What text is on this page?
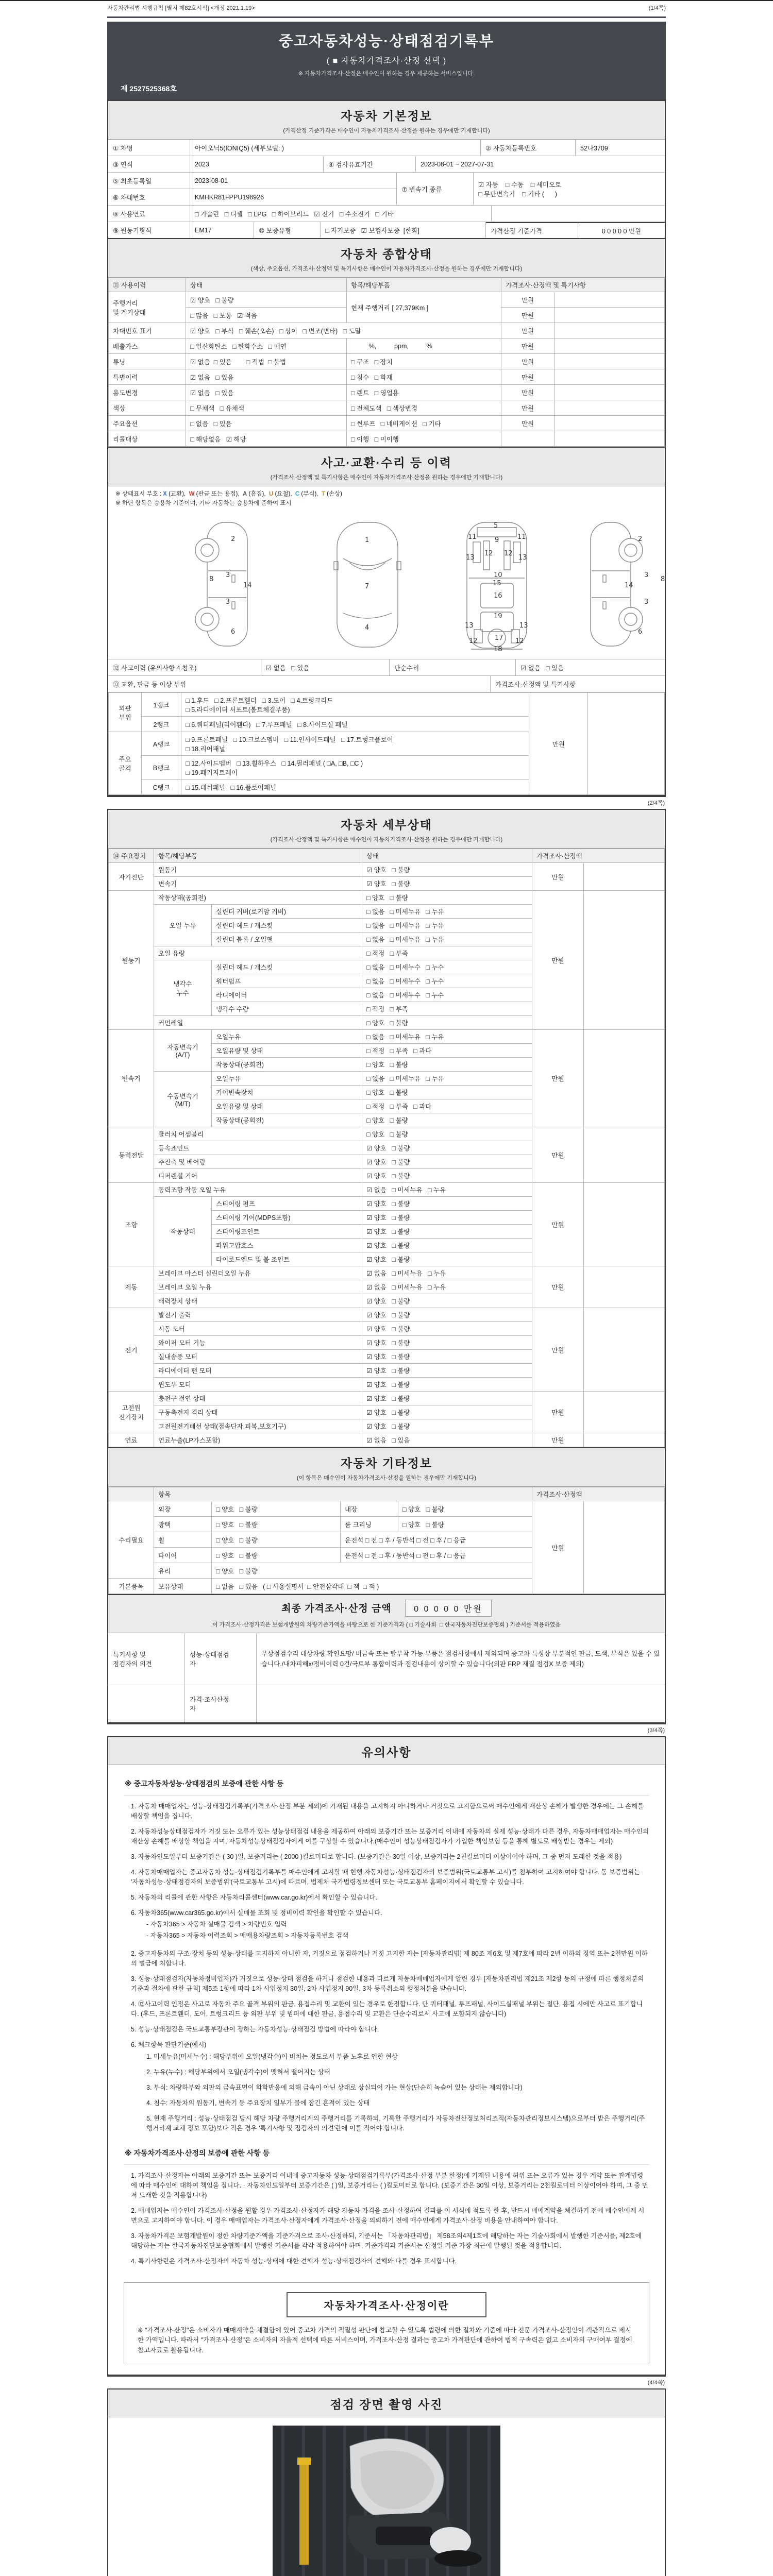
자동차관리법 시행규칙 [별지 제82호서식] <개정 2021.1.19>	(1/4쪽)
중고자동차성능·상태점검기록부
( ■ 자동차가격조사·산정 선택 )
※ 자동차가격조사·산정은 매수인이 원하는 경우 제공하는 서비스입니다.
제 2527525368호
자동차 기본정보
(가격산정 기준가격은 매수인이 자동차가격조사·산정을 원하는 경우에만 기재합니다)
① 차명	아이오닉5(IONIQ5) (세부모델: )	② 자동차등록번호	52나3709
③ 연식	2023	④ 검사유효기간	2023-08-01 ~ 2027-07-31
⑤ 최초등록일	2023-08-01
⑥ 차대번호	KMHKR81FPPU198926
⑦ 변속기 종류
☑ 자동    □ 수동    □ 세미오토
□ 무단변속기    □ 기타 (      )
⑧ 사용연료	□ 가솔린   □ 디젤   □ LPG   □ 하이브리드   ☑ 전기   □ 수소전기   □ 기타
⑨ 원동기형식	EM17	⑩ 보증유형	□ 자기보증   ☑ 보험사보증  [한화]	가격산정 기준가격	0 0 0 0 0 만원
자동차 종합상태
(색상, 주요옵션, 가격조사·산정액 및 특기사항은 매수인이 자동차가격조사·산정을 원하는 경우에만 기재합니다)
⑪ 사용이력	상태	항목/해당부품	가격조사·산정액 및 특기사항	
주행거리
및 계기상태	☑ 양호   □ 불량	현재 주행거리 [ 27,379Km ]	만원	
	□ 많음   □ 보통   ☑ 적음		만원	
차대번호 표기	☑ 양호   □ 부식   □ 훼손(오손)   □ 상이   □ 변조(변타)   □ 도말		만원	
배출가스	□ 일산화탄소   □ 탄화수소   □ 매연	%,          ppm,          %	만원	
튜닝	☑ 없음  □ 있음        □ 적법  □ 불법	□ 구조   □ 장치	만원	
특별이력	☑ 없음   □ 있음	□ 침수   □ 화재	만원	
용도변경	☑ 없음   □ 있음	□ 렌트   □ 영업용	만원	
색상	□ 무채색   □ 유채색	□ 전체도색   □ 색상변경	만원	
주요옵션	□ 없음   □ 있음	□ 썬루프   □ 네비게이션   □ 기타	만원	
리콜대상	□ 해당없음   ☑ 해당	□ 이행   □ 미이행		
사고·교환·수리 등 이력
(가격조사·산정액 및 특기사항은 매수인이 자동차가격조사·산정을 원하는 경우에만 기재합니다)
※ 상태표시 부호 : X (교환),  W (판금 또는 용접),  A (흠집),  U (요철),  C (부식),  T (손상)
※ 하단 항목은 승용차 기준이며, 기타 자동차는 승용차에 준하여 표시
2
8
3
14
3
6
1
7
4
5
9
11	11
13	13
12 12
10
15
16
19
13	13
12	12
17
18
2
8
3
14
3
6
⑫ 사고이력 (유의사항 4.참조)	☑ 없음   □ 있음	단순수리	☑ 없음   □ 있음
⑬ 교환, 판금 등 이상 부위	가격조사·산정액 및 특기사항
외판
부위	1랭크	
□ 1.후드   □ 2.프론트휀더   □ 3.도어   □ 4.트렁크리드
□ 5.라디에이터 서포트(볼트체결부품)
	만원	
	2랭크	□ 6.쿼터패널(리어휀다)   □ 7.루프패널   □ 8.사이드실 패널		
주요
골격	A랭크	
□ 9.프론트패널   □ 10.크로스멤버   □ 11.인사이드패널   □ 17.트렁크플로어
□ 18.리어패널

	B랭크	□ 12.사이드멤버   □ 13.휠하우스   □ 14.필러패널 ( □A, □B, □C )
□ 19.패키지트레이		

	C랭크	□ 15.대쉬패널   □ 16.플로어패널		
(2/4쪽)
자동차 세부상태
(가격조사·산정액 및 특기사항은 매수인이 자동차가격조사·산정을 원하는 경우에만 기재합니다)
⑭ 주요장치	항목/해당부품		상태	가격조사·산정액	
자기진단	원동기		☑ 양호   □ 불량	만원	
	변속기		☑ 양호   □ 불량		
원동기	작동상태(공회전)		□ 양호   □ 불량	만원	
	오일 누유	실린더 커버(로커암 커버)	□ 없음   □ 미세누유   □ 누유		
		실린더 헤드 / 개스킷	□ 없음   □ 미세누유   □ 누유		
		실린더 블록 / 오일팬	□ 없음   □ 미세누유   □ 누유		
	오일 유량		□ 적정   □ 부족		
	냉각수
누수	실린더 헤드 / 개스킷	□ 없음   □ 미세누수   □ 누수		
		워터펌프	□ 없음   □ 미세누수   □ 누수		
		라디에이터	□ 없음   □ 미세누수   □ 누수		
		냉각수 수량	□ 적정   □ 부족		
	커먼레일		□ 양호   □ 불량		
변속기	자동변속기
(A/T)	오일누유	□ 없음   □ 미세누유   □ 누유	만원	
		오일유량 및 상태	□ 적정   □ 부족   □ 과다		
		작동상태(공회전)	□ 양호   □ 불량		
	수동변속기
(M/T)	오일누유	□ 없음   □ 미세누유   □ 누유		
		기어변속장치	□ 양호   □ 불량		
		오일유량 및 상태	□ 적정   □ 부족   □ 과다		
		작동상태(공회전)	□ 양호   □ 불량		
동력전달	클러치 어셈블리		□ 양호   □ 불량	만원	
	등속죠인트		☑ 양호   □ 불량		
	추진축 및 베어링		☑ 양호   □ 불량		
	디퍼렌셜 기어		☑ 양호   □ 불량		
조향	동력조향 작동 오일 누유		☑ 없음   □ 미세누유   □ 누유	만원	
	작동상태	스티어링 펌프	☑ 양호   □ 불량		
		스티어링 기어(MDPS포함)	☑ 양호   □ 불량		
		스티어링조인트	☑ 양호   □ 불량		
		파워고압호스	☑ 양호   □ 불량		
		타이로드엔드 및 볼 조인트	☑ 양호   □ 불량		
제동	브레이크 마스터 실린더오일 누유		☑ 없음   □ 미세누유   □ 누유	만원	
	브레이크 오일 누유		☑ 없음   □ 미세누유   □ 누유		
	배력장치 상태		☑ 양호   □ 불량		
전기	발전기 출력		☑ 양호   □ 불량	만원	
	시동 모터		☑ 양호   □ 불량		
	와이퍼 모터 기능		☑ 양호   □ 불량		
	실내송풍 모터		☑ 양호   □ 불량		
	라디에이터 팬 모터		☑ 양호   □ 불량		
	윈도우 모터		☑ 양호   □ 불량		
고전원
전기장치	충전구 절연 상태		☑ 양호   □ 불량	만원	
	구동축전지 격리 상태		☑ 양호   □ 불량		
	고전원전기배선 상태(접속단자,피복,보호기구)		☑ 양호   □ 불량		
연료	연료누출(LP가스포함)		☑ 없음   □ 있음	만원	
자동차 기타정보
(이 항목은 매수인이 자동차가격조사·산정을 원하는 경우에만 기재합니다)
	항목				가격조사·산정액	
수리필요	외장	□ 양호   □ 불량	내장	□ 양호   □ 불량	만원	
	광택	□ 양호   □ 불량	룸 크리닝	□ 양호   □ 불량		
	휠	□ 양호   □ 불량	운전석 □ 전 □ 후 / 동반석 □ 전 □ 후 / □ 응급			
	타이어	□ 양호   □ 불량	운전석 □ 전 □ 후 / 동반석 □ 전 □ 후 / □ 응급			
	유리	□ 양호   □ 불량				
기본품목	보유상태	□ 없음   □ 있음   ( □ 사용설명서  □ 안전삼각대  □ 잭  □ 잭 )				
최종 가격조사·산정 금액	0 0 0 0 0 만원
이 가격조사·산정가격은 보험개발원의 차량기준가액을 바탕으로 한 기준가격과 ( □ 기술사회  □ 한국자동차진단보증협회 ) 기준서를 적용하였음
특기사항 및
점검자의 의견
성능·상태점검
자
무상점검수리 대상차량 확인요망/ 비금속 또는 탈부착 가능 부품은 점검사항에서 제외되며 중고차 특성상 부분적인 판금, 도색, 부식은 있을 수 있습니다./내차피해x/정비이력 0건/국토부 통합이력과 점검내용이 상이할 수 있습니다(외판 FRP 재질 점검X 보증 제외)
가격·조사산정
자
(3/4쪽)
유의사항
※ 중고자동차성능·상태점검의 보증에 관한 사항 등

1. 자동차 매매업자는 성능·상태점검기록부(가격조사·산정 부분 제외)에 기재된 내용을 고지하지 아니하거나 거짓으로 고지함으로써 매수인에게 재산상 손해가 발생한 경우에는 그 손해를 배상할 책임을 집니다.

2. 자동차성능상태점검자가 거짓 또는 오류가 있는 성능상태점검 내용을 제공하여 아래의 보증기간 또는 보증거리 이내에 자동차의 실제 성능·상태가 다른 경우, 자동차매매업자는 매수인의 재산상 손해를 배상할 책임을 지며, 자동차성능상태점검자에게 이를 구상할 수 있습니다.(매수인이 성능상태점검자가 가입한 책임보험 등을 통해 별도로 배상받는 경우는 제외)

3. 자동차인도일부터 보증기간은 ( 30 )일, 보증거리는 ( 2000 )킬로미터로 합니다. (보증기간은 30일 이상, 보증거리는 2천킬로미터 이상이어야 하며, 그 중 먼저 도래한 것을 적용)

4. 자동차매매업자는 중고자동차 성능·상태점검기록부를 매수인에게 고지할 때 현행 자동차성능·상태점검자의 보증범위(국토교통부 고시)를 첨부하여 고지하여야 합니다. 동 보증범위는 '자동차성능·상태점검자의 보증범위'(국토교통부 고시)에 따르며, 법제처 국가법령정보센터 또는 국토교통부 홈페이지에서 확인할 수 있습니다.

5. 자동차의 리콜에 관한 사항은 자동차리콜센터(www.car.go.kr)에서 확인할 수 있습니다.

6. 자동차365(www.car365.go.kr)에서 실매물 조회 및 정비이력 확인을 확인할 수 있습니다.

- 자동차365 > 자동차 실매물 검색 > 차량번호 입력

- 자동차365 > 자동차 이력조회 > 매매용차량조회 > 자동차등록번호 검색

2. 중고자동차의 구조·장치 등의 성능·상태를 고지하지 아니한 자, 거짓으로 점검하거나 거짓 고지한 자는 [자동차관리법] 제 80조 제6호 및 제7호에 따라 2년 이하의 징역 또는 2천만원 이하의 벌금에 처합니다.

3. 성능·상태점검자(자동차정비업자)가 거짓으로 성능·상태 점검을 하거나 점검한 내용과 다르게 자동차매매업자에게 알린 경우 [자동차관리법 제21조 제2항 등의 규정에 따른 행정처분의 기준과 절차에 관한 규칙] 제5조 1항에 따라 1차 사업정지 30일, 2차 사업정지 90일, 3차 등록취소의 행정처분을 받습니다.

4. ⑫사고이력 인정은 사고로 자동차 주요 골격 부위의 판금, 용접수리 및 교환이 있는 경우로 한정합니다. 단 쿼터패널, 루프패널, 사이드실패널 부위는 절단, 용접 시에만 사고로 표기합니다. (후드, 프론트휀더, 도어, 트렁크리드 등 외판 부위 및 범퍼에 대한 판금, 용접수리 및 교환은 단순수리로서 사고에 포함되지 않습니다)

5. 성능·상태점검은 국토교통부장관이 정하는 자동차성능·상태점검 방법에 따라야 합니다.

6. 체크항목 판단기준(예시)

1. 미세누유(미세누수) : 해당부위에 오일(냉각수)이 비치는 정도로서 부품 노후로 인한 현상

2. 누유(누수) : 해당부위에서 오일(냉각수)이 맺혀서 떨어지는 상태

3. 부식: 차량하부와 외판의 금속표면이 화학반응에 의해 금속이 아닌 상태로 상실되어 가는 현상(단순히 녹슬어 있는 상태는 제외합니다)

4. 침수: 자동차의 원동기, 변속기 등 주요장치 일부가 물에 잠긴 흔적이 있는 상태

5. 현재 주행거리 : 성능·상태점검 당시 해당 차량 주행거리계의 주행거리를 기록하되, 기록한 주행거리가 자동차전산정보처리조직(자동차관리정보시스템)으로부터 받은 주행거리(주행거리계 교체 정보 포함)보다 적은 경우 '특기사항 및 점검자의 의견'란에 이를 적어야 합니다.

※ 자동차가격조사·산정의 보증에 관한 사항 등

1. 가격조사·산정자는 아래의 보증기간 또는 보증거리 이내에 중고자동차 성능·상태점검기록부(가격조사·산정 부분 한정)에 기재된 내용에 허위 또는 오류가 있는 경우 계약 또는 관계법령에 따라 매수인에 대하여 책임을 집니다. · 자동차인도일부터 보증기간은 ( )일, 보증거리는 ( )킬로미터로 합니다. (보증기간은 30일 이상, 보증거리는 2천킬로미터 이상이어야 하며, 그 중 먼저 도래한 것을 적용합니다)

2. 매매업자는 매수인이 가격조사·산정을 원할 경우 가격조사·산정자가 해당 자동차 가격을 조사·산정하여 결과를 이 서식에 적도록 한 후, 반드시 매매계약을 체결하기 전에 매수인에게 서면으로 고지하여야 합니다. 이 경우 매매업자는 가격조사·산정자에게 가격조사·산정을 의뢰하기 전에 매수인에게 가격조사·산정 비용을 안내하여야 합니다.

3. 자동차가격은 보험개발원이 정한 차량기준가액을 기준가격으로 조사·산정하되, 기준서는 「자동차관리법」 제58조의4제1호에 해당하는 자는 기술사회에서 발행한 기준서를, 제2호에 해당하는 자는 한국자동차진단보증협회에서 발행한 기준서를 각각 적용하여야 하며, 기준가격과 기준서는 산정일 기준 가장 최근에 발행된 것을 적용합니다.

4. 특기사항란은 가격조사·산정자의 자동차 성능·상태에 대한 견해가 성능·상태점검자의 견해와 다를 경우 표시합니다.

자동차가격조사·산정이란
※ "가격조사·산정"은 소비자가 매매계약을 체결함에 있어 중고차 가격의 적절성 판단에 참고할 수 있도록 법령에 의한 절차와 기준에 따라 전문 가격조사·산정인이 객관적으로 제시한 가액입니다. 따라서 "가격조사·산정"은 소비자의 자율적 선택에 따른 서비스이며, 가격조사·산정 결과는 중고차 가격판단에 관하여 법적 구속력은 없고 소비자의 구매여부 결정에 참고자료로 활용됩니다.
(4/4쪽)
점검 장면 촬영 사진
